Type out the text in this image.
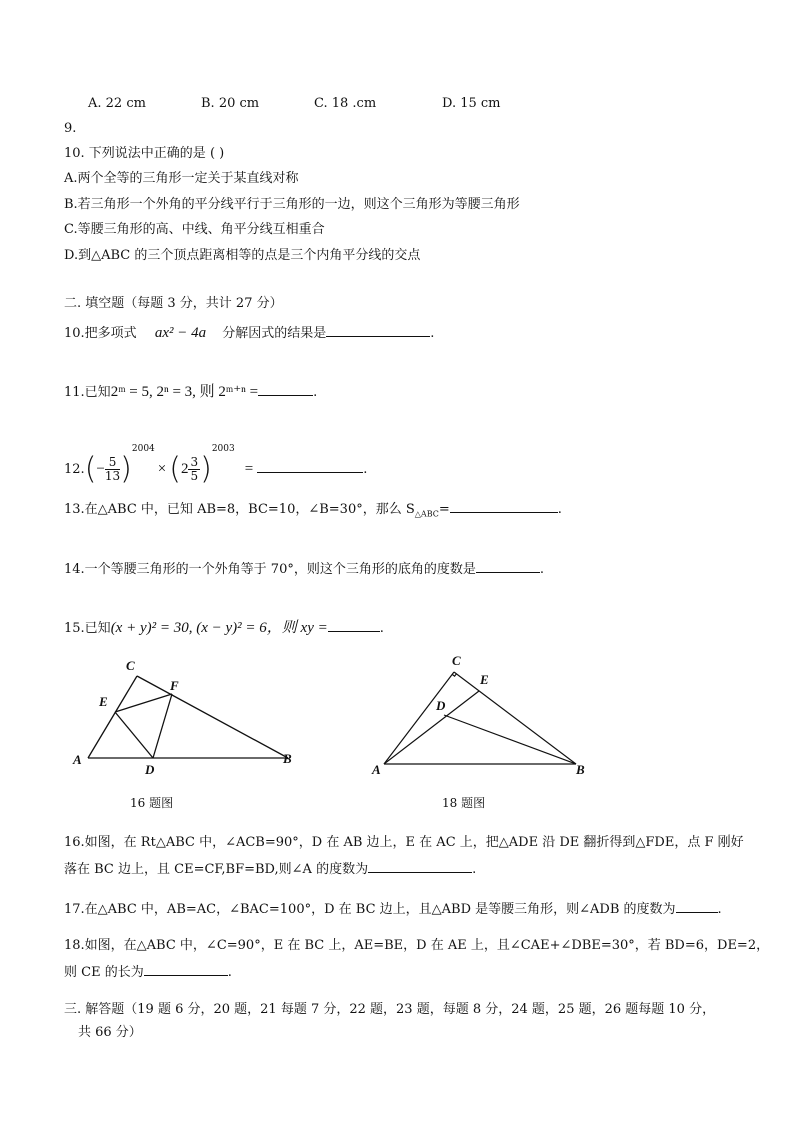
A. 22 cm	B. 20 cm	C. 18 .cm	D. 15 cm
9.
10. 下列说法中正确的是 ( )
A.两个全等的三角形一定关于某直线对称
B.若三角形一个外角的平分线平行于三角形的一边，则这个三角形为等腰三角形
C.等腰三角形的高、中线、角平分线互相重合
D.到△ABC 的三个顶点距离相等的点是三个内角平分线的交点
二. 填空题（每题 3 分，共计 27 分）
10.把多项式 ax² − 4a 分解因式的结果是	.
11.已知2ᵐ = 5, 2ⁿ = 3, 则 2ᵐ⁺ⁿ =	.
$12.(- \frac{5}{13} )^{2004}\times (2 \frac{3}{5} )^{2003}=$	.
13.在△ABC 中，已知 AB=8，BC=10，∠B=30°，那么 $S_{\triangle ABC}=$	.
14.一个等腰三角形的一个外角等于 70°，则这个三角形的底角的度数是	.
15.已知(x + y)² = 30, (x − y)² = 6，则 xy =	.
C
F
E
A
D
B
16 题图
C
E
D
A	B
18 题图
16.如图，在 Rt△ABC 中，∠ACB=90°，D 在 AB 边上，E 在 AC 上，把△ADE 沿 DE 翻折得到△FDE，点 F 刚好
落在 BC 边上，且 CE=CF,BF=BD,则∠A 的度数为	.
17.在△ABC 中，AB=AC，∠BAC=100°，D 在 BC 边上，且△ABD 是等腰三角形，则∠ADB 的度数为	.
18.如图，在△ABC 中，∠C=90°，E 在 BC 上，AE=BE，D 在 AE 上，且∠CAE+∠DBE=30°，若 BD=6，DE=2，
则 CE 的长为	.
三. 解答题（19 题 6 分，20 题，21 每题 7 分，22 题，23 题，每题 8 分，24 题，25 题，26 题每题 10 分，
共 66 分）
